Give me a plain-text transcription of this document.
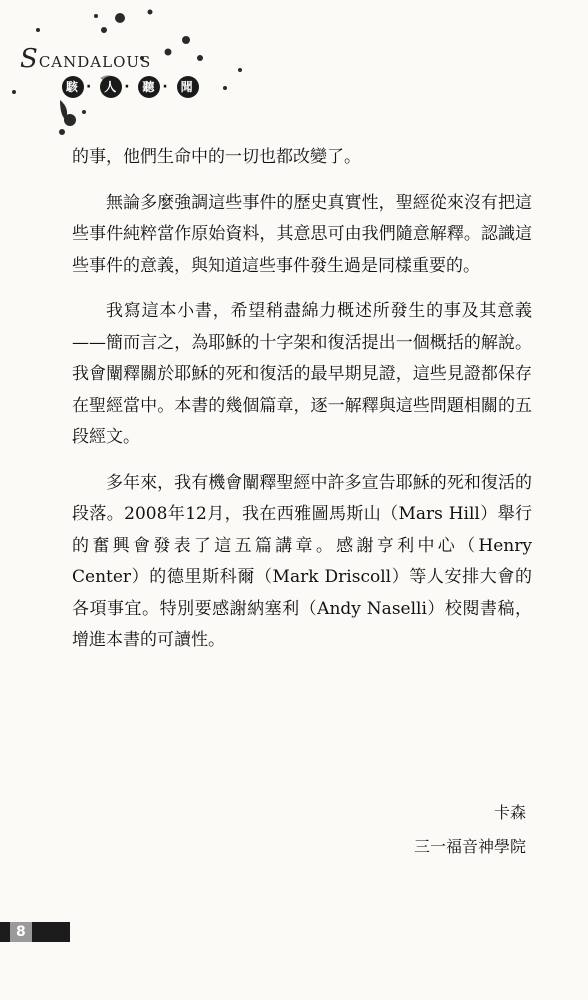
SCANDALOUS
駭 · 人 · 聽 · 聞

的事，他們生命中的一切也都改變了。

無論多麼強調這些事件的歷史真實性，聖經從來沒有把這些事件純粹當作原始資料，其意思可由我們隨意解釋。認識這些事件的意義，與知道這些事件發生過是同樣重要的。

我寫這本小書，希望稍盡綿力概述所發生的事及其意義——簡而言之，為耶穌的十字架和復活提出一個概括的解說。我會闡釋關於耶穌的死和復活的最早期見證，這些見證都保存在聖經當中。本書的幾個篇章，逐一解釋與這些問題相關的五段經文。

多年來，我有機會闡釋聖經中許多宣告耶穌的死和復活的段落。2008年12月，我在西雅圖馬斯山（Mars Hill）舉行的奮興會發表了這五篇講章。感謝亨利中心（Henry Center）的德里斯科爾（Mark Driscoll）等人安排大會的各項事宜。特別要感謝納塞利（Andy Naselli）校閱書稿，增進本書的可讀性。

卡森
三一福音神學院
8
